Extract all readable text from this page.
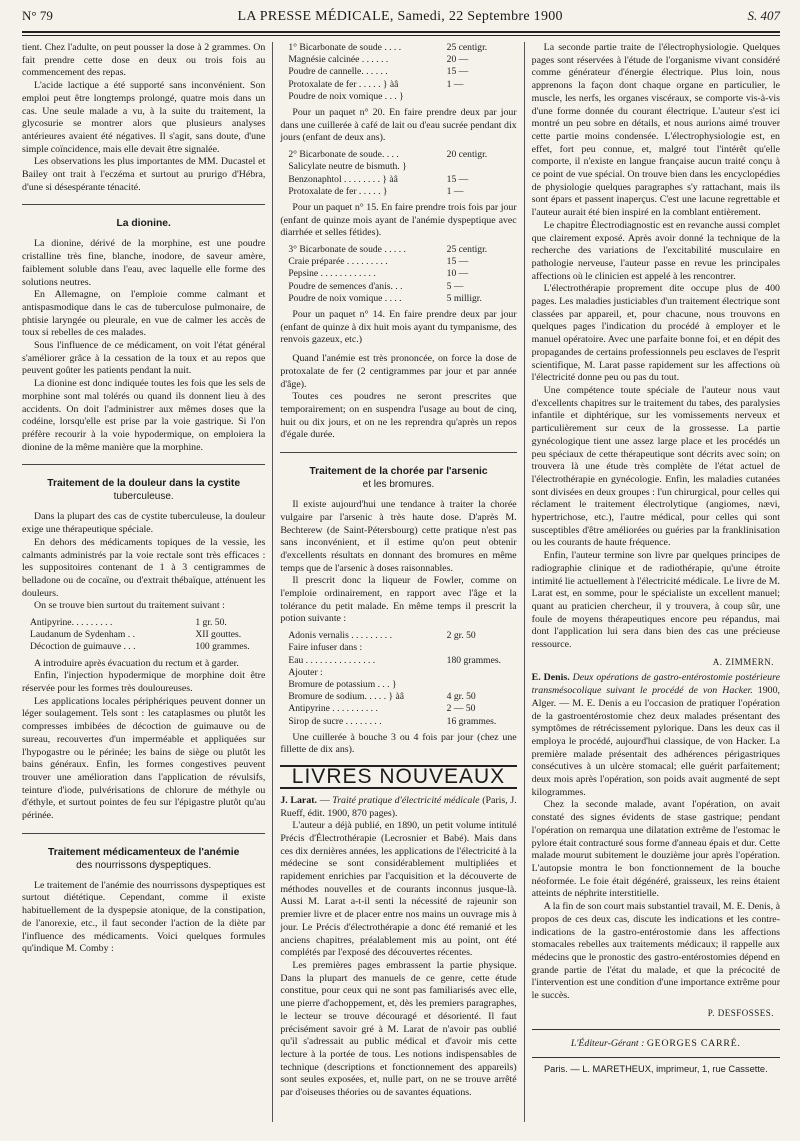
N° 79	LA PRESSE MÉDICALE, Samedi, 22 Septembre 1900	S. 407

tient. Chez l'adulte, on peut pousser la dose à 2 grammes. On fait prendre cette dose en deux ou trois fois au commencement des repas.

L'acide lactique a été supporté sans inconvénient. Son emploi peut être longtemps prolongé, quatre mois dans un cas. Une seule malade a vu, à la suite du traitement, la glycosurie se montrer alors que plusieurs analyses antérieures avaient été négatives. Il s'agit, sans doute, d'une simple coïncidence, mais elle devait être signalée.

Les observations les plus importantes de MM. Ducastel et Bailey ont trait à l'eczéma et surtout au prurigo d'Hébra, d'une si désespérante ténacité.

La dionine.

La dionine, dérivé de la morphine, est une poudre cristalline très fine, blanche, inodore, de saveur amère, faiblement soluble dans l'eau, avec laquelle elle forme des solutions neutres.

En Allemagne, on l'emploie comme calmant et antispasmodique dans le cas de tuberculose pulmonaire, de phtisie laryngée ou pleurale, en vue de calmer les accès de toux si rebelles de ces malades.

Sous l'influence de ce médicament, on voit l'état général s'améliorer grâce à la cessation de la toux et au repos que peuvent goûter les patients pendant la nuit.

La dionine est donc indiquée toutes les fois que les sels de morphine sont mal tolérés ou quand ils donnent lieu à des accidents. On doit l'administrer aux mêmes doses que la codéine, lorsqu'elle est prise par la voie gastrique. Si l'on préfère recourir à la voie hypodermique, on emploiera la dionine de la même manière que la morphine.

Traitement de la douleur dans la cystite
tuberculeuse.

Dans la plupart des cas de cystite tuberculeuse, la douleur exige une thérapeutique spéciale.

En dehors des médicaments topiques de la vessie, les calmants administrés par la voie rectale sont très efficaces : les suppositoires contenant de 1 à 3 centigrammes de belladone ou de cocaïne, ou d'extrait thébaïque, atténuent les douleurs.

On se trouve bien surtout du traitement suivant :

Antipyrine. . . . . . . . .	1 gr. 50.
Laudanum de Sydenham . .	XII gouttes.
Décoction de guimauve . . .	100 grammes.

A introduire après évacuation du rectum et à garder.

Enfin, l'injection hypodermique de morphine doit être réservée pour les formes très douloureuses.

Les applications locales périphériques peuvent donner un léger soulagement. Tels sont : les cataplasmes ou plutôt les compresses imbibées de décoction de guimauve ou de sureau, recouvertes d'un imperméable et appliquées sur l'hypogastre ou le périnée; les bains de siège ou plutôt les bains généraux. Enfin, les formes congestives peuvent trouver une amélioration dans l'application de révulsifs, teinture d'iode, pulvérisations de chlorure de méthyle ou d'éthyle, et surtout pointes de feu sur l'épigastre plutôt qu'au périnée.

Traitement médicamenteux de l'anémie
des nourrissons dyspeptiques.

Le traitement de l'anémie des nourrissons dyspeptiques est surtout diététique. Cependant, comme il existe habituellement de la dyspepsie atonique, de la constipation, de l'anorexie, etc., il faut seconder l'action de la diète par l'influence des médicaments. Voici quelques formules qu'indique M. Comby :

1° Bicarbonate de soude . . . .	25 centigr.
Magnésie calcinée . . . . . .	20 —
Poudre de cannelle. . . . . .	15 —
Protoxalate de fer . . . . . } àâ	1 —
Poudre de noix vomique . . . }

Pour un paquet n° 20. En faire prendre deux par jour dans une cuillerée à café de lait ou d'eau sucrée pendant dix jours (enfant de deux ans).

2° Bicarbonate de soude. . . .	20 centigr.
Salicylate neutre de bismuth. }
Benzonaphtol . . . . . . . . } àâ	15 —
Protoxalate de fer . . . . . }	1 —

Pour un paquet n° 15. En faire prendre trois fois par jour (enfant de quinze mois ayant de l'anémie dyspeptique avec diarrhée et selles fétides).

3° Bicarbonate de soude . . . . .	25 centigr.
Craie préparée . . . . . . . . .	15 —
Pepsine . . . . . . . . . . . .	10 —
Poudre de semences d'anis. . .	5 —
Poudre de noix vomique . . . .	5 milligr.

Pour un paquet n° 14. En faire prendre deux par jour (enfant de quinze à dix huit mois ayant du tympanisme, des renvois gazeux, etc.)

Quand l'anémie est très prononcée, on force la dose de protoxalate de fer (2 centigrammes par jour et par année d'âge).

Toutes ces poudres ne seront prescrites que temporairement; on en suspendra l'usage au bout de cinq, huit ou dix jours, et on ne les reprendra qu'après un repos d'égale durée.

Traitement de la chorée par l'arsenic
et les bromures.

Il existe aujourd'hui une tendance à traiter la chorée vulgaire par l'arsenic à très haute dose. D'après M. Bechterew (de Saint-Pétersbourg) cette pratique n'est pas sans inconvénient, et il estime qu'on peut obtenir d'excellents résultats en donnant des bromures en même temps que de l'arsenic à doses raisonnables.

Il prescrit donc la liqueur de Fowler, comme on l'emploie ordinairement, en rapport avec l'âge et la tolérance du petit malade. En même temps il prescrit la potion suivante :

Adonis vernalis . . . . . . . . .	2 gr. 50
Faire infuser dans :
Eau . . . . . . . . . . . . . . .	180 grammes.
Ajouter :
Bromure de potassium . . . }
Bromure de sodium. . . . . } àâ	4 gr. 50
Antipyrine . . . . . . . . . .	2 — 50
Sirop de sucre . . . . . . . .	16 grammes.

Une cuillerée à bouche 3 ou 4 fois par jour (chez une fillette de dix ans).

LIVRES NOUVEAUX

J. Larat. — Traité pratique d'électricité médicale (Paris, J. Rueff, édit. 1900, 870 pages).

L'auteur a déjà publié, en 1890, un petit volume intitulé Précis d'Électrothérapie (Lecrosnier et Babé). Mais dans ces dix dernières années, les applications de l'électricité à la médecine se sont considérablement multipliées et rapidement enrichies par l'acquisition et la découverte de méthodes nouvelles et de courants inconnus jusque-là. Aussi M. Larat a-t-il senti la nécessité de rajeunir son premier livre et de placer entre nos mains un ouvrage mis à jour. Le Précis d'électrothérapie a donc été remanié et les anciens chapitres, préalablement mis au point, ont été complétés par l'exposé des découvertes récentes.

Les premières pages embrassent la partie physique. Dans la plupart des manuels de ce genre, cette étude constitue, pour ceux qui ne sont pas familiarisés avec elle, une pierre d'achoppement, et, dès les premiers paragraphes, le lecteur se trouve découragé et désorienté. Il faut précisément savoir gré à M. Larat de n'avoir pas oublié qu'il s'adressait au public médical et d'avoir mis cette lecture à la portée de tous. Les notions indispensables de technique (descriptions et fonctionnement des appareils) sont seules exposées, et, nulle part, on ne se trouve arrêté par d'oiseuses théories ou de savantes équations.

La seconde partie traite de l'électrophysiologie. Quelques pages sont réservées à l'étude de l'organisme vivant considéré comme générateur d'énergie électrique. Plus loin, nous apprenons la façon dont chaque organe en particulier, le muscle, les nerfs, les organes viscéraux, se comporte vis-à-vis d'une forme donnée du courant électrique. L'auteur s'est ici montré un peu sobre en détails, et nous aurions aimé trouver cette partie moins condensée. L'électrophysiologie est, en effet, fort peu connue, et, malgré tout l'intérêt qu'elle comporte, il n'existe en langue française aucun traité conçu à ce point de vue spécial. On trouve bien dans les encyclopédies de physiologie quelques paragraphes s'y rattachant, mais ils sont épars et passent inaperçus. C'est une lacune regrettable et l'auteur aurait été bien inspiré en la comblant entièrement.

Le chapitre Électrodiagnostic est en revanche aussi complet que clairement exposé. Après avoir donné la technique de la recherche des variations de l'excitabilité musculaire en pathologie nerveuse, l'auteur passe en revue les principales affections où le clinicien est appelé à les rencontrer.

L'électrothérapie proprement dite occupe plus de 400 pages. Les maladies justiciables d'un traitement électrique sont classées par appareil, et, pour chacune, nous trouvons en quelques pages l'indication du procédé à employer et le manuel opératoire. Avec une parfaite bonne foi, et en dépit des propagandes de certains professionnels peu esclaves de l'esprit scientifique, M. Larat passe rapidement sur les affections où l'électricité donne peu ou pas du tout.

Une compétence toute spéciale de l'auteur nous vaut d'excellents chapitres sur le traitement du tabes, des paralysies infantile et diphtérique, sur les vomissements nerveux et particulièrement sur ceux de la grossesse. La partie gynécologique tient une assez large place et les procédés un peu spéciaux de cette thérapeutique sont décrits avec soin; on trouvera là une étude très complète de l'état actuel de l'électrothérapie en gynécologie. Enfin, les maladies cutanées sont divisées en deux groupes : l'un chirurgical, pour celles qui réclament le traitement électrolytique (angiomes, nævi, hypertrichose, etc.), l'autre médical, pour celles qui sont susceptibles d'être améliorées ou guéries par la franklinisation ou les courants de haute fréquence.

Enfin, l'auteur termine son livre par quelques principes de radiographie clinique et de radiothérapie, qu'une étroite intimité lie actuellement à l'électricité médicale. Le livre de M. Larat est, en somme, pour le spécialiste un excellent manuel; quant au praticien chercheur, il y trouvera, à coup sûr, une foule de moyens thérapeutiques encore peu répandus, mai dont l'application lui sera dans bien des cas une précieuse ressource.

A. ZIMMERN.

E. Denis. Deux opérations de gastro-entérostomie postérieure transmésocolique suivant le procédé de von Hacker. 1900, Alger. — M. E. Denis a eu l'occasion de pratiquer l'opération de la gastroentérostomie chez deux malades présentant des symptômes de rétrécissement pylorique. Dans les deux cas il employa le procédé, aujourd'hui classique, de von Hacker. La première malade présentait des adhérences périgastriques consécutives à un ulcère stomacal; elle guérit parfaitement; deux mois après l'opération, son poids avait augmenté de sept kilogrammes.

Chez la seconde malade, avant l'opération, on avait constaté des signes évidents de stase gastrique; pendant l'opération on remarqua une dilatation extrême de l'estomac le pylore était contracturé sous forme d'anneau épais et dur. Cette malade mourut subitement le douzième jour après l'opération. L'autopsie montra le bon fonctionnement de la bouche néoformée. Le foie était dégénéré, graisseux, les reins étaient atteints de néphrite interstitielle.

A la fin de son court mais substantiel travail, M. E. Denis, à propos de ces deux cas, discute les indications et les contre-indications de la gastro-entérostomie dans les affections stomacales rebelles aux traitements médicaux; il rappelle aux médecins que le pronostic des gastro-entérostomies dépend en grande partie de l'état du malade, et que la précocité de l'intervention est une condition d'une importance extrême pour le succès.

P. DESFOSSES.
L'Éditeur-Gérant : GEORGES CARRÉ.
Paris. — L. MARETHEUX, imprimeur, 1, rue Cassette.
